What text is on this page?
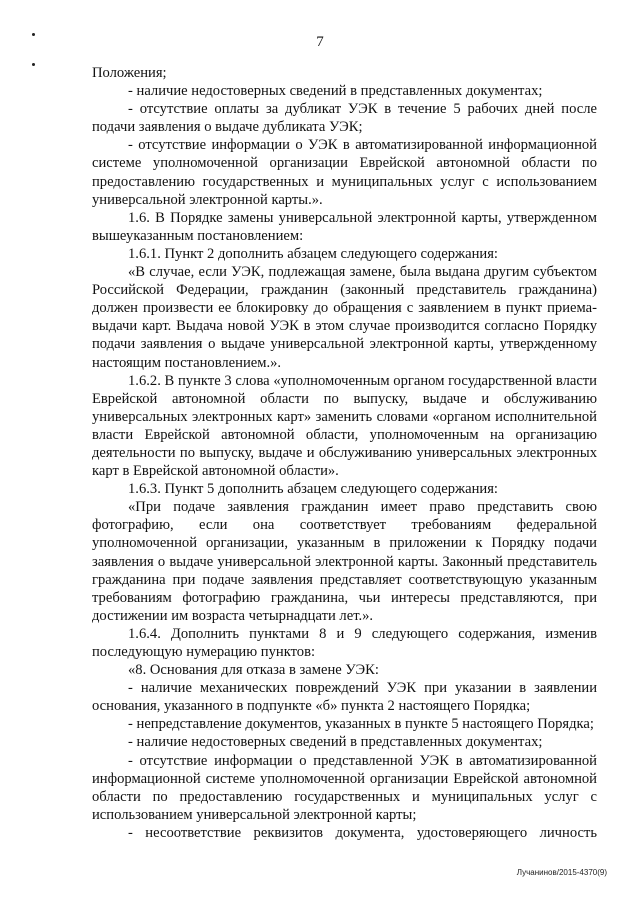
7

Положения;

- наличие недостоверных сведений в представленных документах;

- отсутствие оплаты за дубликат УЭК в течение 5 рабочих дней после подачи заявления о выдаче дубликата УЭК;

- отсутствие информации о УЭК в автоматизированной информационной системе уполномоченной организации Еврейской автономной области по предоставлению государственных и муниципальных услуг с использованием универсальной электронной карты.».

1.6. В Порядке замены универсальной электронной карты, утвержденном вышеуказанным постановлением:

1.6.1. Пункт 2 дополнить абзацем следующего содержания:

«В случае, если УЭК, подлежащая замене, была выдана другим субъектом Российской Федерации, гражданин (законный представитель гражданина) должен произвести ее блокировку до обращения с заявлением в пункт приема-выдачи карт. Выдача новой УЭК в этом случае производится согласно Порядку подачи заявления о выдаче универсальной электронной карты, утвержденному настоящим постановлением.».

1.6.2. В пункте 3 слова «уполномоченным органом государственной власти Еврейской автономной области по выпуску, выдаче и обслуживанию универсальных электронных карт» заменить словами «органом исполнительной власти Еврейской автономной области, уполномоченным на организацию деятельности по выпуску, выдаче и обслуживанию универсальных электронных карт в Еврейской автономной области».

1.6.3. Пункт 5 дополнить абзацем следующего содержания:

«При подаче заявления гражданин имеет право представить свою фотографию, если она соответствует требованиям федеральной уполномоченной организации, указанным в приложении к Порядку подачи заявления о выдаче универсальной электронной карты. Законный представитель гражданина при подаче заявления представляет соответствующую указанным требованиям фотографию гражданина, чьи интересы представляются, при достижении им возраста четырнадцати лет.».

1.6.4. Дополнить пунктами 8 и 9 следующего содержания, изменив последующую нумерацию пунктов:

«8. Основания для отказа в замене УЭК:

- наличие механических повреждений УЭК при указании в заявлении основания, указанного в подпункте «б» пункта 2 настоящего Порядка;

- непредставление документов, указанных в пункте 5 настоящего Порядка;

- наличие недостоверных сведений в представленных документах;

- отсутствие информации о представленной УЭК в автоматизированной информационной системе уполномоченной организации Еврейской автономной области по предоставлению государственных и муниципальных услуг с использованием универсальной электронной карты;

- несоответствие реквизитов документа, удостоверяющего личность

Лучанинов/2015-4370(9)
